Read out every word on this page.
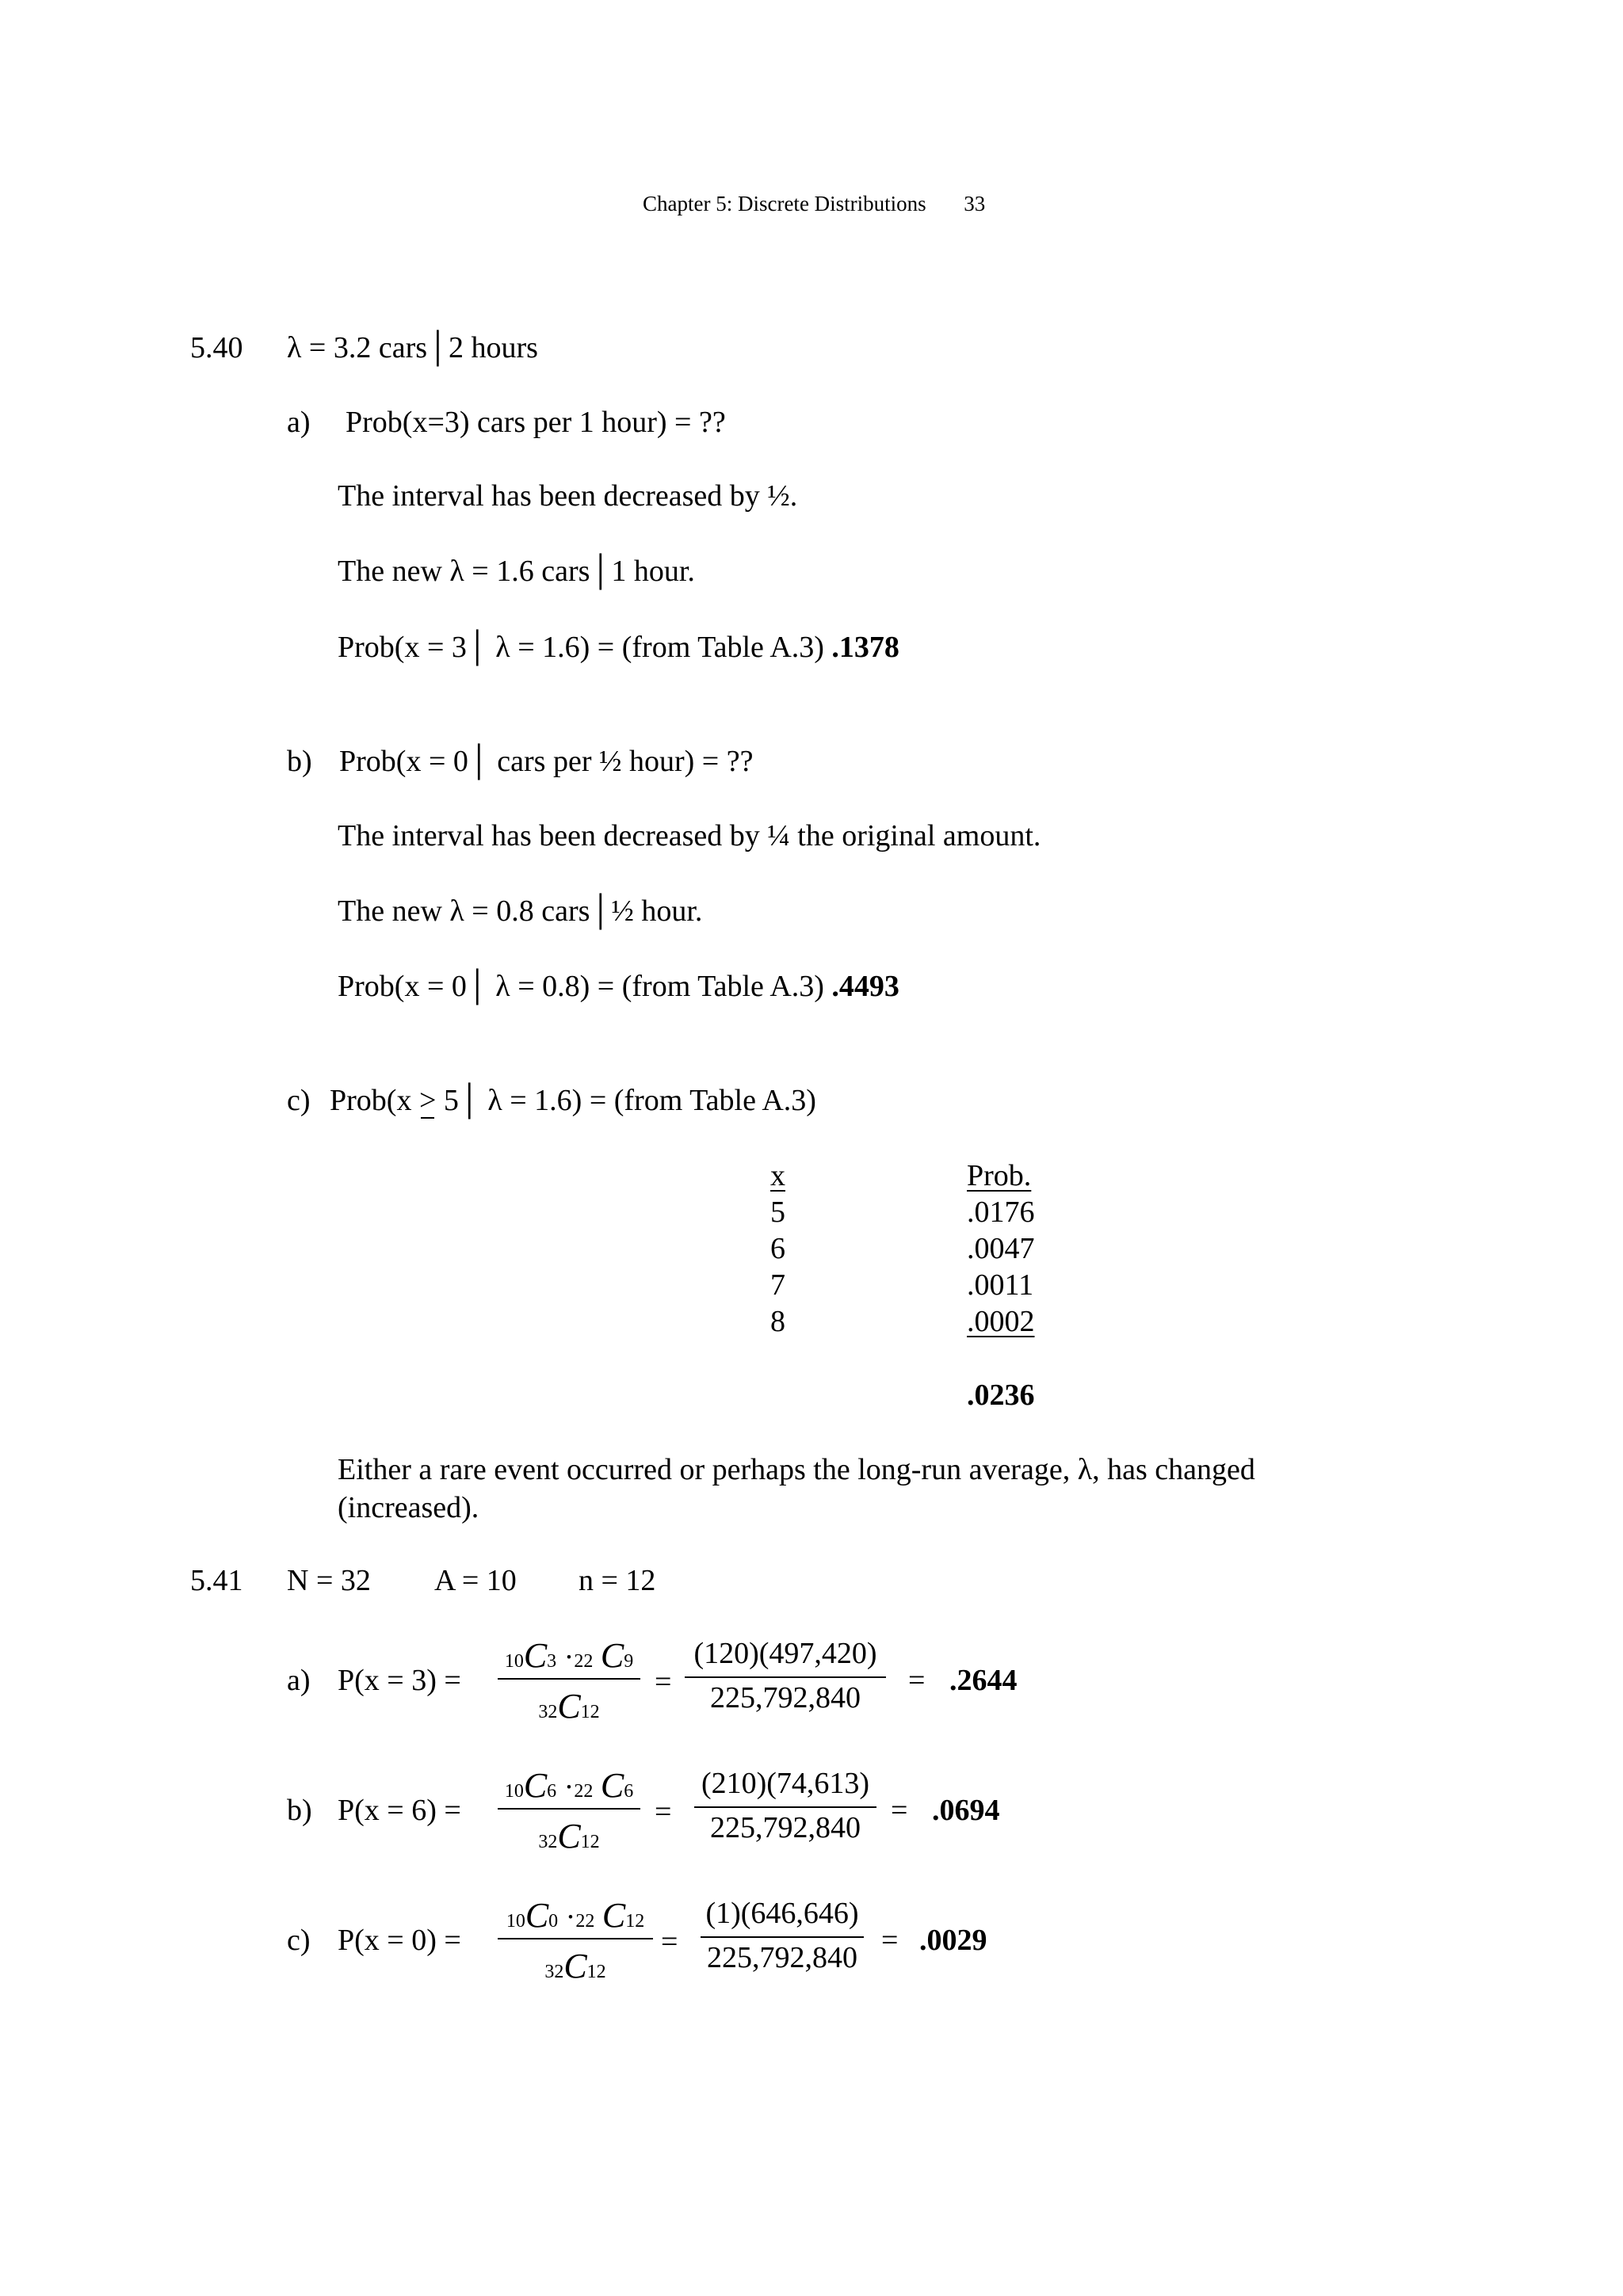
Chapter 5: Discrete Distributions 33
5.40 λ = 3.2 cars│2 hours
a) Prob(x=3) cars per 1 hour) = ??
The interval has been decreased by ½.
The new λ = 1.6 cars│1 hour.
Prob(x = 3│ λ = 1.6) = (from Table A.3) .1378
b) Prob(x = 0│ cars per ½ hour) = ??
The interval has been decreased by ¼ the original amount.
The new λ = 0.8 cars│½ hour.
Prob(x = 0│ λ = 0.8) = (from Table A.3) .4493
c) Prob(x > 5│ λ = 1.6) = (from Table A.3)
x	Prob.
5	.0176
6	.0047
7	.0011
8	.0002
.0236
Either a rare event occurred or perhaps the long-run average, λ, has changed
(increased).
5.41 N = 32 A = 10 n = 12
a) P(x = 3) =
10C3 ·22 C9
32C12
=
(120)(497,420)
225,792,840
= .2644
b) P(x = 6) =
10C6 ·22 C6
32C12
=
(210)(74,613)
225,792,840
= .0694
c) P(x = 0) =
10C0 ·22 C12
32C12
=
(1)(646,646)
225,792,840
= .0029
